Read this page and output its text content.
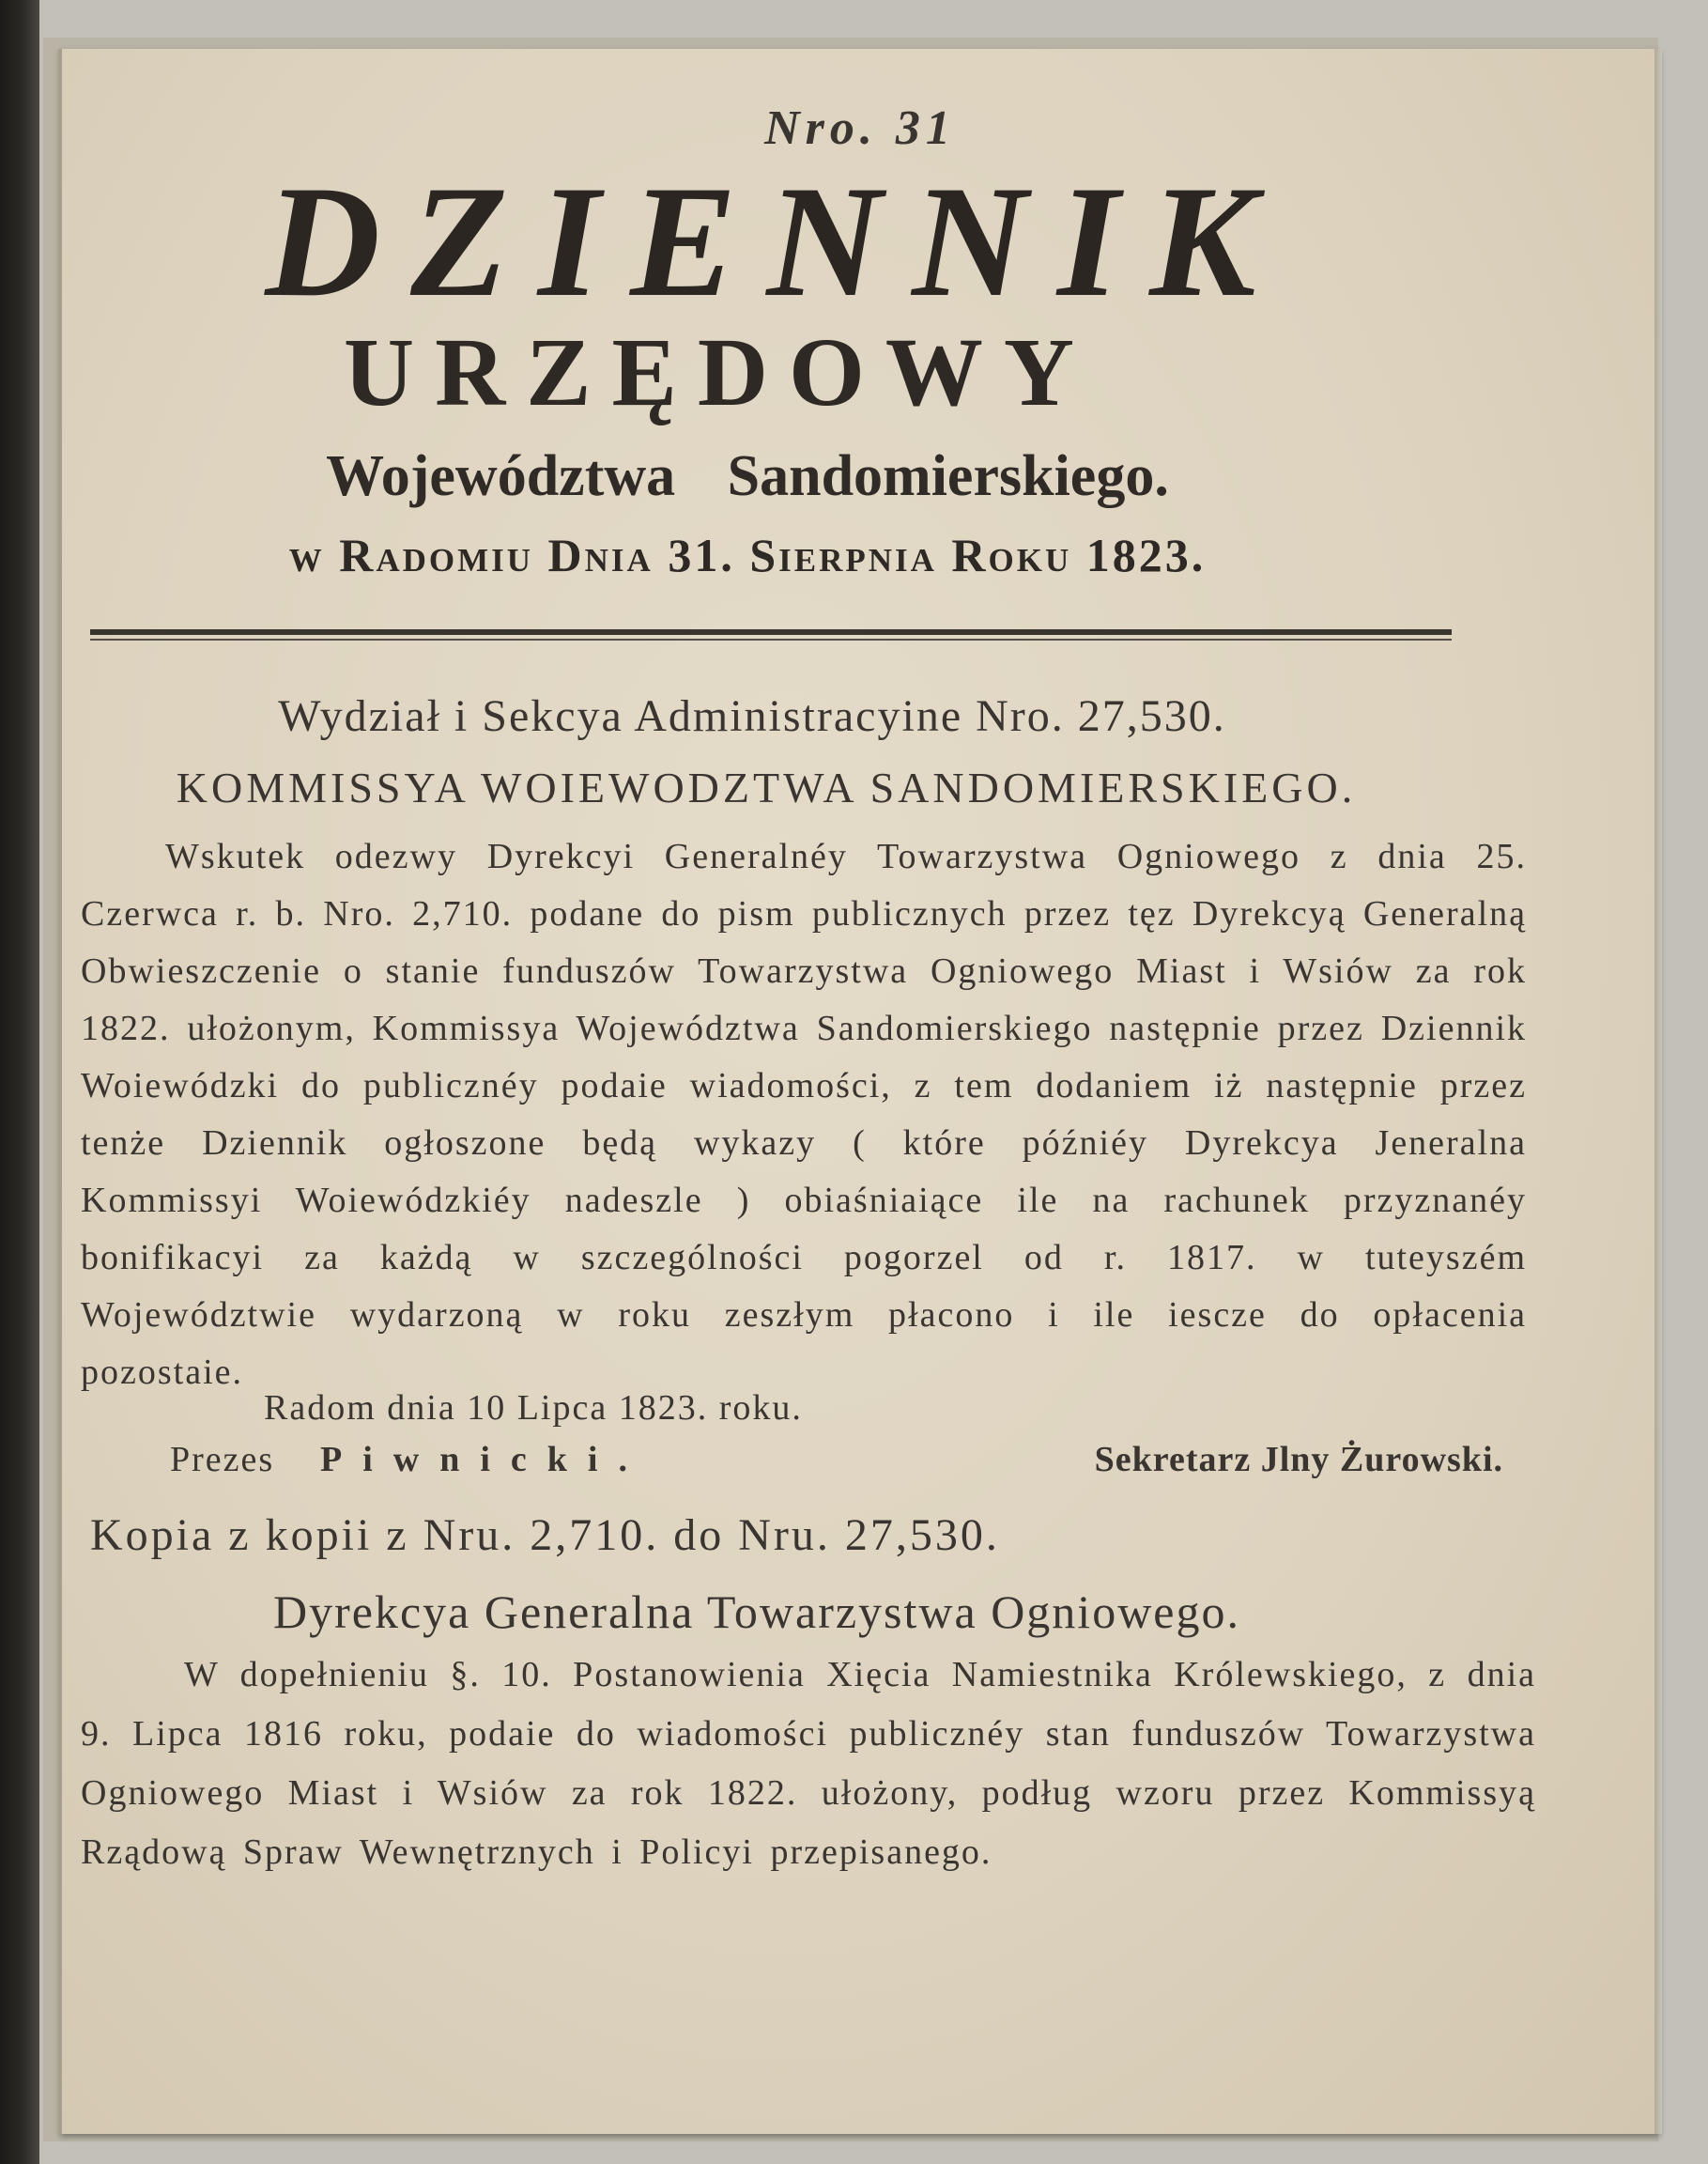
Nro. 31
DZIENNIK
URZĘDOWY
Województwa Sandomierskiego.
w Radomiu Dnia 31. Sierpnia Roku 1823.
Wydział i Sekcya Administracyine Nro. 27,530.
KOMMISSYA WOIEWODZTWA SANDOMIERSKIEGO.
Wskutek odezwy Dyrekcyi Generalnéy Towarzystwa Ogniowego z dnia 25. Czerwca r. b. Nro. 2,710. podane do pism publicznych przez tęz Dyrekcyą Generalną Obwieszczenie o stanie funduszów Towarzystwa Ogniowego Miast i Wsiów za rok 1822. ułożonym, Kommissya Województwa Sandomierskiego następnie przez Dziennik Woiewódzki do publicznéy podaie wiadomości, z tem dodaniem iż następnie przez tenże Dziennik ogłoszone będą wykazy ( które późniéy Dyrekcya Jeneralna Kommissyi Woiewódzkiéy nadeszle ) obiaśniaiące ile na rachunek przyznanéy bonifikacyi za każdą w szczególności pogorzel od r. 1817. w tuteyszém Województwie wydarzoną w roku zeszłym płacono i ile iescze do opłacenia pozostaie.
Radom dnia 10 Lipca 1823. roku.
Prezes Piwnicki.	Sekretarz Jlny Żurowski.
Kopia z kopii z Nru. 2,710. do Nru. 27,530.
Dyrekcya Generalna Towarzystwa Ogniowego.
W dopełnieniu §. 10. Postanowienia Xięcia Namiestnika Królewskiego, z dnia 9. Lipca 1816 roku, podaie do wiadomości publicznéy stan funduszów Towarzystwa Ogniowego Miast i Wsiów za rok 1822. ułożony, podług wzoru przez Kommissyą Rządową Spraw Wewnętrznych i Policyi przepisanego.
